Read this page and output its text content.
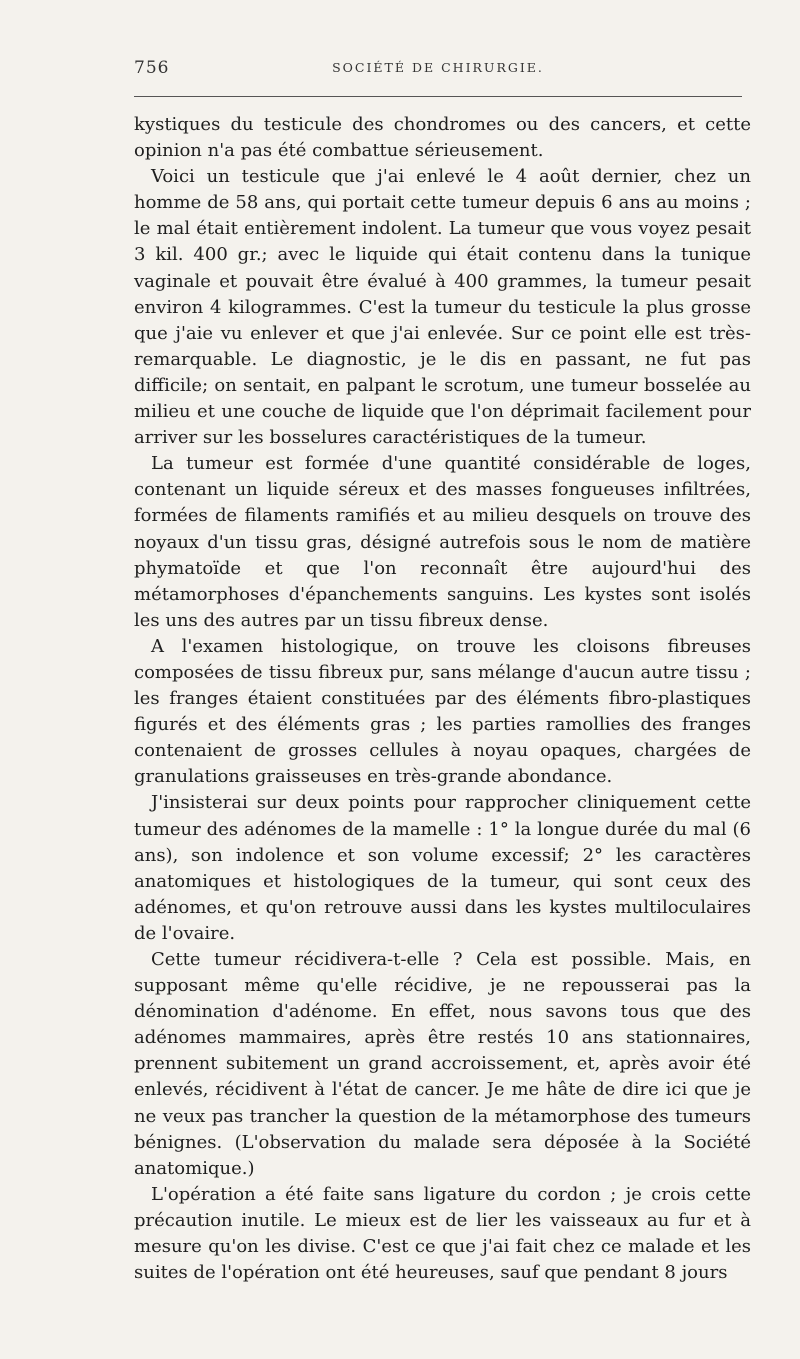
756	SOCIÉTÉ DE CHIRURGIE.

kystiques du testicule des chondromes ou des cancers, et cette opinion n'a pas été combattue sérieusement.

Voici un testicule que j'ai enlevé le 4 août dernier, chez un homme de 58 ans, qui portait cette tumeur depuis 6 ans au moins ; le mal était entièrement indolent. La tumeur que vous voyez pesait 3 kil. 400 gr.; avec le liquide qui était contenu dans la tunique vaginale et pouvait être évalué à 400 grammes, la tumeur pesait environ 4 kilogrammes. C'est la tumeur du testicule la plus grosse que j'aie vu enlever et que j'ai enlevée. Sur ce point elle est très-remarquable. Le diagnostic, je le dis en passant, ne fut pas difficile; on sentait, en palpant le scrotum, une tumeur bosselée au milieu et une couche de liquide que l'on déprimait facilement pour arriver sur les bosselures caractéristiques de la tumeur.

La tumeur est formée d'une quantité considérable de loges, contenant un liquide séreux et des masses fongueuses infiltrées, formées de filaments ramifiés et au milieu desquels on trouve des noyaux d'un tissu gras, désigné autrefois sous le nom de matière phymatoïde et que l'on reconnaît être aujourd'hui des métamorphoses d'épanchements sanguins. Les kystes sont isolés les uns des autres par un tissu fibreux dense.

A l'examen histologique, on trouve les cloisons fibreuses composées de tissu fibreux pur, sans mélange d'aucun autre tissu ; les franges étaient constituées par des éléments fibro-plastiques figurés et des éléments gras ; les parties ramollies des franges contenaient de grosses cellules à noyau opaques, chargées de granulations graisseuses en très-grande abondance.

J'insisterai sur deux points pour rapprocher cliniquement cette tumeur des adénomes de la mamelle : 1° la longue durée du mal (6 ans), son indolence et son volume excessif; 2° les caractères anatomiques et histologiques de la tumeur, qui sont ceux des adénomes, et qu'on retrouve aussi dans les kystes multiloculaires de l'ovaire.

Cette tumeur récidivera-t-elle ? Cela est possible. Mais, en supposant même qu'elle récidive, je ne repousserai pas la dénomination d'adénome. En effet, nous savons tous que des adénomes mammaires, après être restés 10 ans stationnaires, prennent subitement un grand accroissement, et, après avoir été enlevés, récidivent à l'état de cancer. Je me hâte de dire ici que je ne veux pas trancher la question de la métamorphose des tumeurs bénignes. (L'observation du malade sera déposée à la Société anatomique.)

L'opération a été faite sans ligature du cordon ; je crois cette précaution inutile. Le mieux est de lier les vaisseaux au fur et à mesure qu'on les divise. C'est ce que j'ai fait chez ce malade et les suites de l'opération ont été heureuses, sauf que pendant 8 jours
